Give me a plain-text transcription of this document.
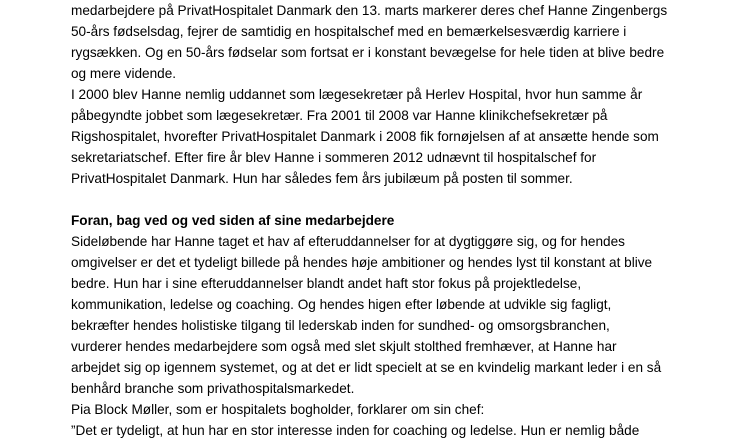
medarbejdere på PrivatHospitalet Danmark den 13. marts markerer deres chef Hanne Zingenbergs
50-års fødselsdag, fejrer de samtidig en hospitalschef med en bemærkelsesværdig karriere i
rygsækken. Og en 50-års fødselar som fortsat er i konstant bevægelse for hele tiden at blive bedre
og mere vidende.
I 2000 blev Hanne nemlig uddannet som lægesekretær på Herlev Hospital, hvor hun samme år
påbegyndte jobbet som lægesekretær. Fra 2001 til 2008 var Hanne klinikchefsekretær på
Rigshospitalet, hvorefter PrivatHospitalet Danmark i 2008 fik fornøjelsen af at ansætte hende som
sekretariatschef. Efter fire år blev Hanne i sommeren 2012 udnævnt til hospitalschef for
PrivatHospitalet Danmark. Hun har således fem års jubilæum på posten til sommer.
Foran, bag ved og ved siden af sine medarbejdere
Sideløbende har Hanne taget et hav af efteruddannelser for at dygtiggøre sig, og for hendes
omgivelser er det et tydeligt billede på hendes høje ambitioner og hendes lyst til konstant at blive
bedre. Hun har i sine efteruddannelser blandt andet haft stor fokus på projektledelse,
kommunikation, ledelse og coaching. Og hendes higen efter løbende at udvikle sig fagligt,
bekræfter hendes holistiske tilgang til lederskab inden for sundhed- og omsorgsbranchen,
vurderer hendes medarbejdere som også med slet skjult stolthed fremhæver, at Hanne har
arbejdet sig op igennem systemet, og at det er lidt specielt at se en kvindelig markant leder i en så
benhård branche som privathospitalsmarkedet.
Pia Block Møller, som er hospitalets bogholder, forklarer om sin chef:
”Det er tydeligt, at hun har en stor interesse inden for coaching og ledelse. Hun er nemlig både
